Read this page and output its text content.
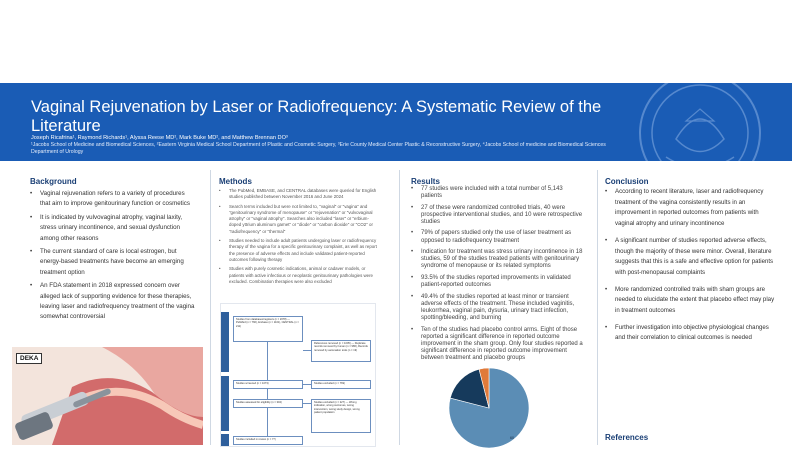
Vaginal Rejuvenation by Laser or Radiofrequency: A Systematic Review of the Literature
Joseph Ricafrina¹, Raymond Richards¹, Alyssa Reese MD², Mark Buke MD², and Matthew Brennan DO³
¹Jacobs School of Medicine and Biomedical Sciences, ²Eastern Virginia Medical School Department of Plastic and Cosmetic Surgery, ³Erie County Medical Center Plastic & Reconstructive Surgery, ⁴Jacobs School of medicine and Biomedical Sciences Department of Urology
Background
• Vaginal rejuvenation refers to a variety of procedures that aim to improve genitourinary function or cosmetics
• It is indicated by vulvovaginal atrophy, vaginal laxity, stress urinary incontinence, and sexual dysfunction among other reasons
• The current standard of care is local estrogen, but energy-based treatments have become an emerging treatment option
• An FDA statement in 2018 expressed concern over alleged lack of supporting evidence for these therapies, leaving laser and radiofrequency treatment of the vagina somewhat controversial
DEKA
Methods
• The PubMed, EMBASE, and CENTRAL databases were queried for English studies published between November 2016 and June 2024
• Search terms included but were not limited to, "vaginal" or "vagina" and "genitourinary syndrome of menopause" or "rejuvenation" or "vulvovaginal atrophy" or "vaginal atrophy". Searches also included "laser" or "erbium-doped yttrium aluminum garnet" or "diode" or "carbon dioxide" or "CO2" or "radiofrequency" or "thermal"
• Studies needed to include adult patients undergoing laser or radiofrequency therapy of the vagina for a specific genitourinary complaint, as well as report the presence of adverse effects and include validated patient-reported outcomes following therapy
• Studies with purely cosmetic indications, animal or cadaver models, or patients with active infectious or neoplastic genitourinary pathologies were excluded. Combination therapies were also excluded
Studies from databases/registers (n = 2078) — PubMed (n = 766), Embase (n = 1101), CENTRAL (n = 211)
References removed (n = 1005) — Duplicate records removed by human (n = 986), Records removed by automation tools (n = 19)
Studies screened (n = 1073)	Studies excluded (n = 769)
Studies assessed for eligibility (n = 304)	Studies excluded (n = 227) — Wrong indication, wrong outcomes, wrong intervention, wrong study design, wrong patient population
Studies included in review (n = 77)
Results
• 77 studies were included with a total number of 5,143 patients
• 27 of these were randomized controlled trials, 40 were prospective interventional studies, and 10 were retrospective studies
• 79% of papers studied only the use of laser treatment as opposed to radiofrequency treatment
• Indication for treatment was stress urinary incontinence in 18 studies, 59 of the studies treated patients with genitourinary syndrome of menopause or its related symptoms
• 93.5% of the studies reported improvements in validated patient-reported outcomes
• 49.4% of the studies reported at least minor or transient adverse effects of the treatment. These included vaginitis, leukorrhea, vaginal pain, dysuria, urinary tract infection, spotting/bleeding, and burning
• Ten of the studies had placebo control arms. Eight of those reported a significant difference in reported outcome improvement in the sham group. Only four studies reported a significant difference in reported outcome improvement between treatment and placebo groups
60
Conclusion
• According to recent literature, laser and radiofrequency treatment of the vagina consistently results in an improvement in reported outcomes from patients with vaginal atrophy and urinary incontinence
• A significant number of studies reported adverse effects, though the majority of these were minor. Overall, literature suggests that this is a safe and effective option for patients with post-menopausal complaints
• More randomized controlled trails with sham groups are needed to elucidate the extent that placebo effect may play in treatment outcomes
• Further investigation into objective physiological changes and their correlation to clinical outcomes is needed
References
